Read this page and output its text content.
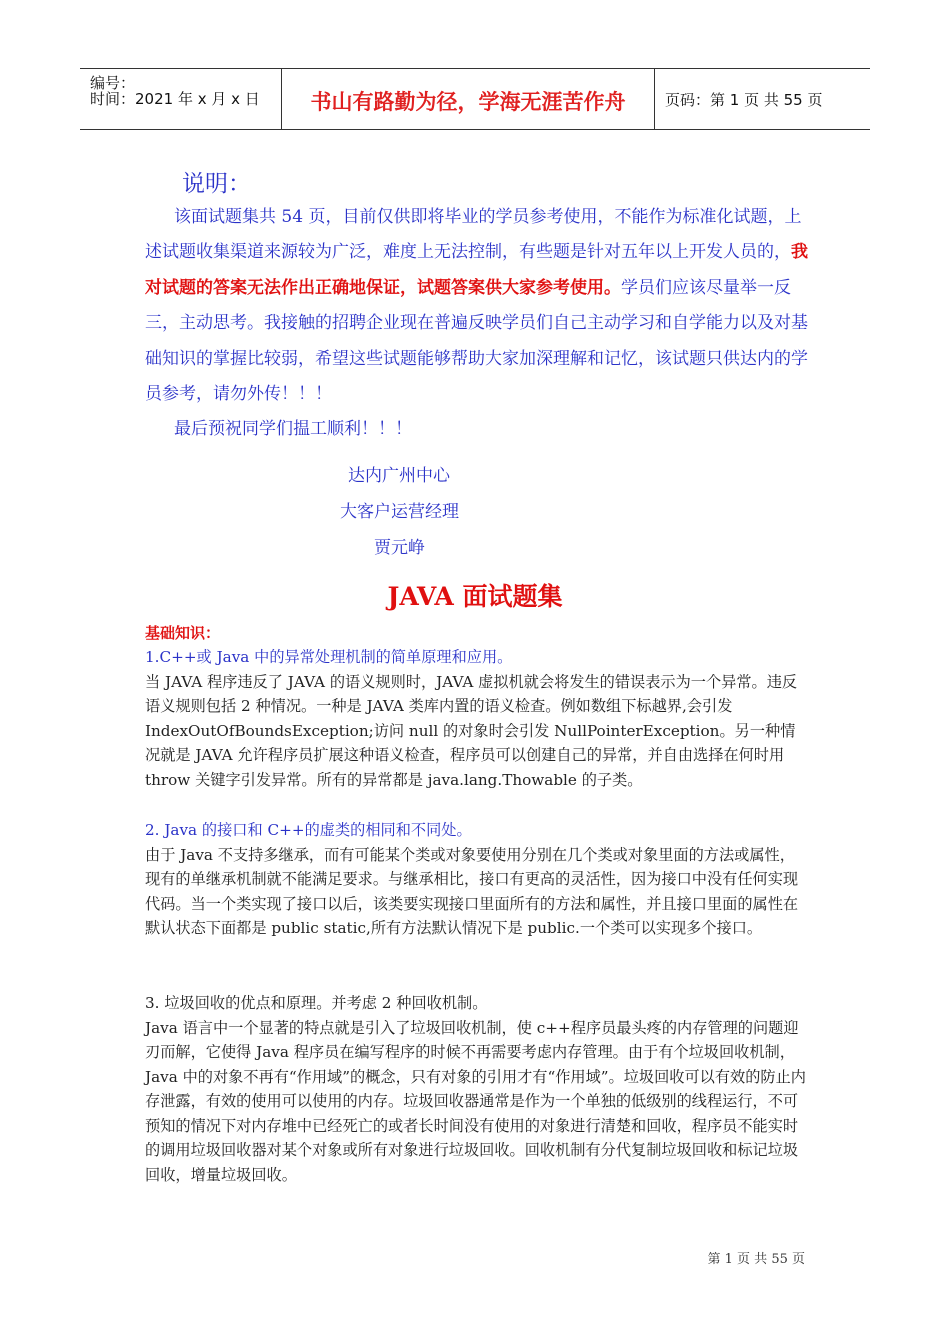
编号：
时间：2021 年 x 月 x 日	书山有路勤为径，学海无涯苦作舟	页码：第 1 页 共 55 页
说明：

该面试题集共 54 页，目前仅供即将毕业的学员参考使用，不能作为标准化试题，上述试题收集渠道来源较为广泛，难度上无法控制，有些题是针对五年以上开发人员的，我对试题的答案无法作出正确地保证，试题答案供大家参考使用。学员们应该尽量举一反三，主动思考。我接触的招聘企业现在普遍反映学员们自己主动学习和自学能力以及对基础知识的掌握比较弱，希望这些试题能够帮助大家加深理解和记忆，该试题只供达内的学员参考，请勿外传！！！

最后预祝同学们揾工顺利！！！

达内广州中心
大客户运营经理
贾元峥
JAVA 面试题集
基础知识：

1.C++或 Java 中的异常处理机制的简单原理和应用。

当 JAVA 程序违反了 JAVA 的语义规则时，JAVA 虚拟机就会将发生的错误表示为一个异常。违反语义规则包括 2 种情况。一种是 JAVA 类库内置的语义检查。例如数组下标越界,会引发 IndexOutOfBoundsException;访问 null 的对象时会引发 NullPointerException。另一种情况就是 JAVA 允许程序员扩展这种语义检查，程序员可以创建自己的异常，并自由选择在何时用 throw 关键字引发异常。所有的异常都是 java.lang.Thowable 的子类。

2. Java 的接口和 C++的虚类的相同和不同处。

由于 Java 不支持多继承，而有可能某个类或对象要使用分别在几个类或对象里面的方法或属性，现有的单继承机制就不能满足要求。与继承相比，接口有更高的灵活性，因为接口中没有任何实现代码。当一个类实现了接口以后，该类要实现接口里面所有的方法和属性，并且接口里面的属性在默认状态下面都是 public static,所有方法默认情况下是 public.一个类可以实现多个接口。

3. 垃圾回收的优点和原理。并考虑 2 种回收机制。

Java 语言中一个显著的特点就是引入了垃圾回收机制，使 c++程序员最头疼的内存管理的问题迎刃而解，它使得 Java 程序员在编写程序的时候不再需要考虑内存管理。由于有个垃圾回收机制，Java 中的对象不再有“作用域”的概念，只有对象的引用才有“作用域”。垃圾回收可以有效的防止内存泄露，有效的使用可以使用的内存。垃圾回收器通常是作为一个单独的低级别的线程运行，不可预知的情况下对内存堆中已经死亡的或者长时间没有使用的对象进行清楚和回收，程序员不能实时的调用垃圾回收器对某个对象或所有对象进行垃圾回收。回收机制有分代复制垃圾回收和标记垃圾回收，增量垃圾回收。

第 1 页 共 55 页
